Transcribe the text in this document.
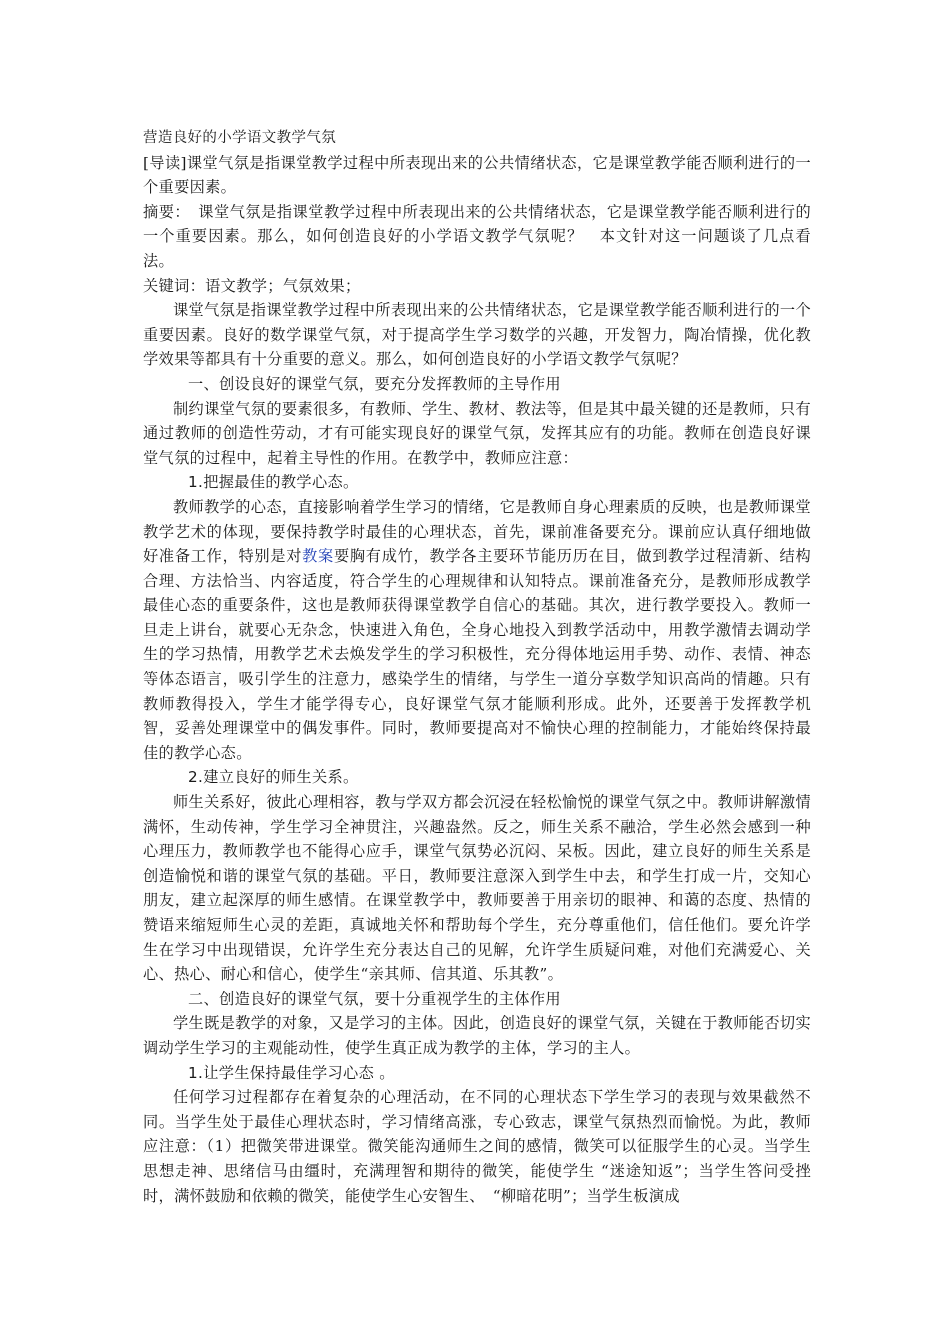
营造良好的小学语文教学气氛

[导读]课堂气氛是指课堂教学过程中所表现出来的公共情绪状态，它是课堂教学能否顺利进行的一个重要因素。

摘要：　课堂气氛是指课堂教学过程中所表现出来的公共情绪状态，它是课堂教学能否顺利进行的一个重要因素。那么，如何创造良好的小学语文教学气氛呢？　本文针对这一问题谈了几点看法。

关键词：语文教学；气氛效果；

课堂气氛是指课堂教学过程中所表现出来的公共情绪状态，它是课堂教学能否顺利进行的一个重要因素。良好的数学课堂气氛，对于提高学生学习数学的兴趣，开发智力，陶冶情操，优化教学效果等都具有十分重要的意义。那么，如何创造良好的小学语文教学气氛呢？

一、创设良好的课堂气氛，要充分发挥教师的主导作用

制约课堂气氛的要素很多，有教师、学生、教材、教法等，但是其中最关键的还是教师，只有通过教师的创造性劳动，才有可能实现良好的课堂气氛，发挥其应有的功能。教师在创造良好课堂气氛的过程中，起着主导性的作用。在教学中，教师应注意：

1.把握最佳的教学心态。

教师教学的心态，直接影响着学生学习的情绪，它是教师自身心理素质的反映，也是教师课堂教学艺术的体现，要保持教学时最佳的心理状态，首先，课前准备要充分。课前应认真仔细地做好准备工作，特别是对教案要胸有成竹，教学各主要环节能历历在目，做到教学过程清新、结构合理、方法恰当、内容适度，符合学生的心理规律和认知特点。课前准备充分，是教师形成教学最佳心态的重要条件，这也是教师获得课堂教学自信心的基础。其次，进行教学要投入。教师一旦走上讲台，就要心无杂念，快速进入角色，全身心地投入到教学活动中，用教学激情去调动学生的学习热情，用教学艺术去焕发学生的学习积极性，充分得体地运用手势、动作、表情、神态等体态语言，吸引学生的注意力，感染学生的情绪，与学生一道分享数学知识高尚的情趣。只有教师教得投入，学生才能学得专心，良好课堂气氛才能顺利形成。此外，还要善于发挥教学机智，妥善处理课堂中的偶发事件。同时，教师要提高对不愉快心理的控制能力，才能始终保持最佳的教学心态。

2.建立良好的师生关系。

师生关系好，彼此心理相容，教与学双方都会沉浸在轻松愉悦的课堂气氛之中。教师讲解激情满怀，生动传神，学生学习全神贯注，兴趣盎然。反之，师生关系不融洽，学生必然会感到一种心理压力，教师教学也不能得心应手，课堂气氛势必沉闷、呆板。因此，建立良好的师生关系是创造愉悦和谐的课堂气氛的基础。平日，教师要注意深入到学生中去，和学生打成一片，交知心朋友，建立起深厚的师生感情。在课堂教学中，教师要善于用亲切的眼神、和蔼的态度、热情的赞语来缩短师生心灵的差距，真诚地关怀和帮助每个学生，充分尊重他们，信任他们。要允许学生在学习中出现错误，允许学生充分表达自己的见解，允许学生质疑问难，对他们充满爱心、关心、热心、耐心和信心，使学生“亲其师、信其道、乐其教”。

二、创造良好的课堂气氛，要十分重视学生的主体作用

学生既是教学的对象，又是学习的主体。因此，创造良好的课堂气氛，关键在于教师能否切实调动学生学习的主观能动性，使学生真正成为教学的主体，学习的主人。

1.让学生保持最佳学习心态 。

任何学习过程都存在着复杂的心理活动，在不同的心理状态下学生学习的表现与效果截然不同。当学生处于最佳心理状态时，学习情绪高涨，专心致志，课堂气氛热烈而愉悦。为此，教师应注意：（1）把微笑带进课堂。微笑能沟通师生之间的感情，微笑可以征服学生的心灵。当学生思想走神、思绪信马由缰时，充满理智和期待的微笑，能使学生 “迷途知返”；当学生答问受挫时，满怀鼓励和依赖的微笑，能使学生心安智生、　“柳暗花明”；当学生板演成
